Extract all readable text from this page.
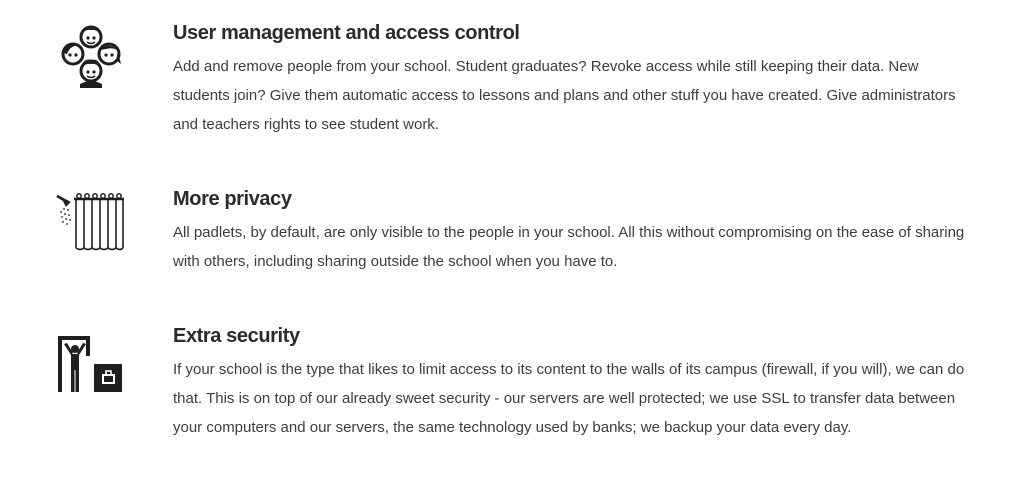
User management and access control

Add and remove people from your school. Student graduates? Revoke access while still keeping their data. New students join? Give them automatic access to lessons and plans and other stuff you have created. Give administrators and teachers rights to see student work.

More privacy

All padlets, by default, are only visible to the people in your school. All this without compromising on the ease of sharing with others, including sharing outside the school when you have to.

Extra security

If your school is the type that likes to limit access to its content to the walls of its campus (firewall, if you will), we can do that. This is on top of our already sweet security - our servers are well protected; we use SSL to transfer data between your computers and our servers, the same technology used by banks; we backup your data every day.
